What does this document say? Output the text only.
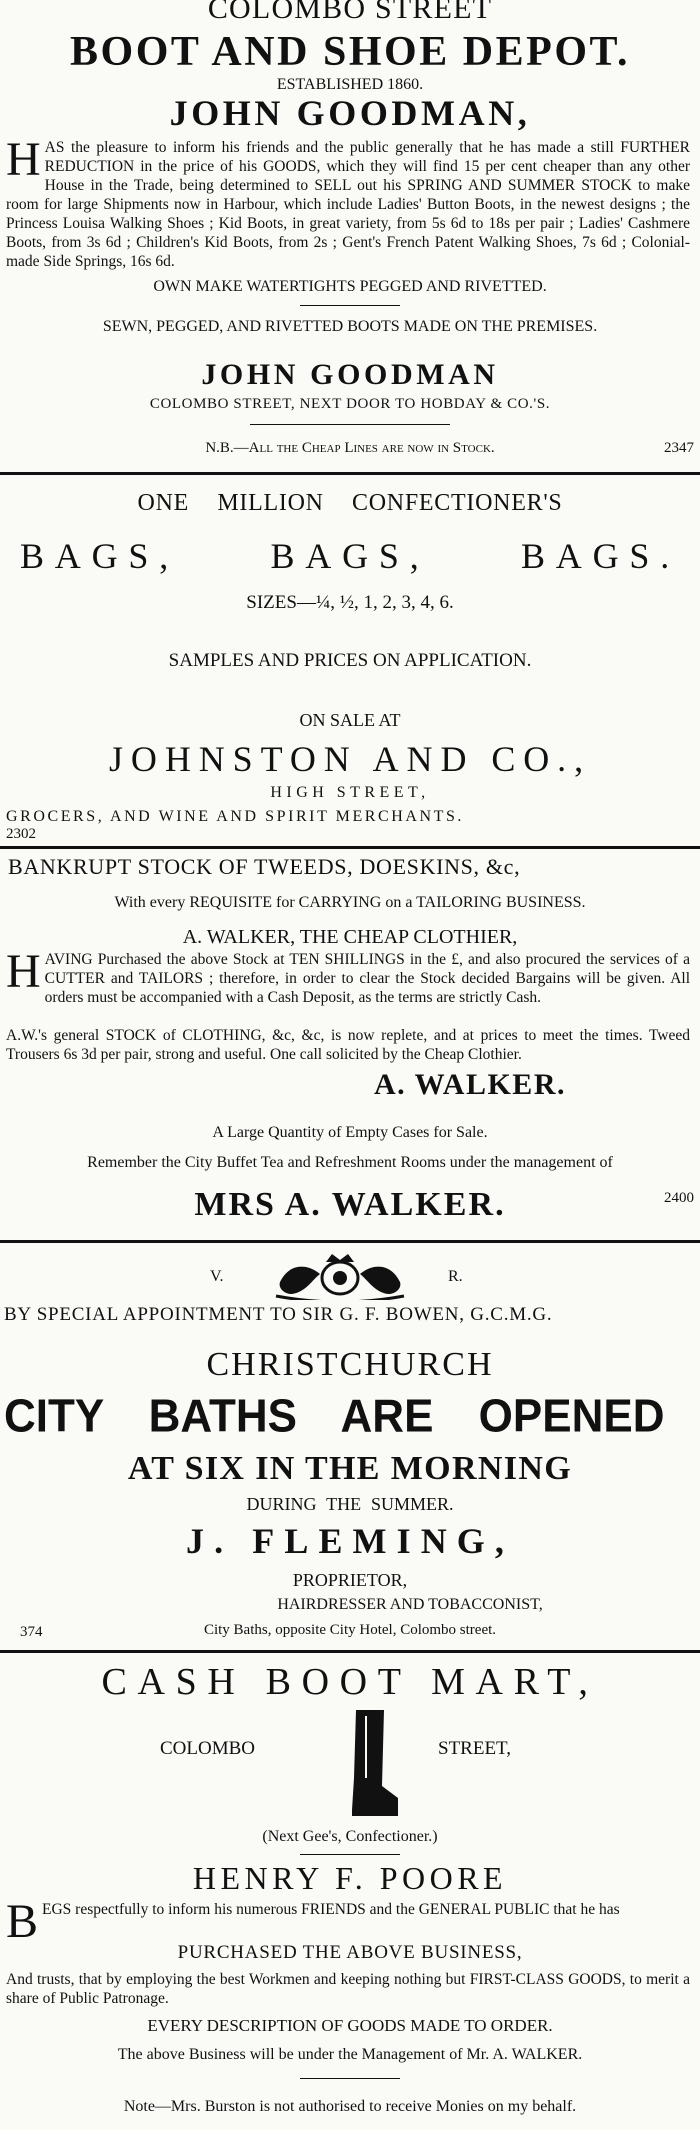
COLOMBO STREET
BOOT AND SHOE DEPOT.
ESTABLISHED 1860.
JOHN GOODMAN,
HAS the pleasure to inform his friends and the public generally that he has made a still FURTHER REDUCTION in the price of his GOODS, which they will find 15 per cent cheaper than any other House in the Trade, being determined to SELL out his SPRING AND SUMMER STOCK to make room for large Shipments now in Harbour, which include Ladies' Button Boots, in the newest designs ; the Princess Louisa Walking Shoes ; Kid Boots, in great variety, from 5s 6d to 18s per pair ; Ladies' Cashmere Boots, from 3s 6d ; Children's Kid Boots, from 2s ; Gent's French Patent Walking Shoes, 7s 6d ; Colonial-made Side Springs, 16s 6d.
OWN MAKE WATERTIGHTS PEGGED AND RIVETTED.
SEWN, PEGGED, AND RIVETTED BOOTS MADE ON THE PREMISES.
JOHN GOODMAN
COLOMBO STREET, NEXT DOOR TO HOBDAY & CO.'S.
N.B.—All the Cheap Lines are now in Stock.	2347
ONE MILLION CONFECTIONER'S
BAGS,	BAGS,	BAGS.
SIZES—¼, ½, 1, 2, 3, 4, 6.
SAMPLES AND PRICES ON APPLICATION.
ON SALE AT
JOHNSTON AND CO.,
HIGH STREET,
GROCERS, AND WINE AND SPIRIT MERCHANTS.
2302
BANKRUPT STOCK OF TWEEDS, DOESKINS, &c,
With every REQUISITE for CARRYING on a TAILORING BUSINESS.
A. WALKER, THE CHEAP CLOTHIER,
HAVING Purchased the above Stock at TEN SHILLINGS in the £, and also procured the services of a CUTTER and TAILORS ; therefore, in order to clear the Stock decided Bargains will be given. All orders must be accompanied with a Cash Deposit, as the terms are strictly Cash.
A.W.'s general STOCK of CLOTHING, &c, &c, is now replete, and at prices to meet the times. Tweed Trousers 6s 3d per pair, strong and useful. One call solicited by the Cheap Clothier.
A. WALKER.
A Large Quantity of Empty Cases for Sale.
Remember the City Buffet Tea and Refreshment Rooms under the management of
MRS A. WALKER.	2400
V.	R.
BY SPECIAL APPOINTMENT TO SIR G. F. BOWEN, G.C.M.G.
CHRISTCHURCH
CITY BATHS ARE OPENED
AT SIX IN THE MORNING
DURING THE SUMMER.
J. FLEMING,
PROPRIETOR,
HAIRDRESSER AND TOBACCONIST,
374	City Baths, opposite City Hotel, Colombo street.
CASH BOOT MART,
COLOMBO	STREET,
(Next Gee's, Confectioner.)
HENRY F. POORE
BEGS respectfully to inform his numerous FRIENDS and the GENERAL PUBLIC that he has
PURCHASED THE ABOVE BUSINESS,
And trusts, that by employing the best Workmen and keeping nothing but FIRST-CLASS GOODS, to merit a share of Public Patronage.
EVERY DESCRIPTION OF GOODS MADE TO ORDER.
The above Business will be under the Management of Mr. A. WALKER.
Note—Mrs. Burston is not authorised to receive Monies on my behalf.
